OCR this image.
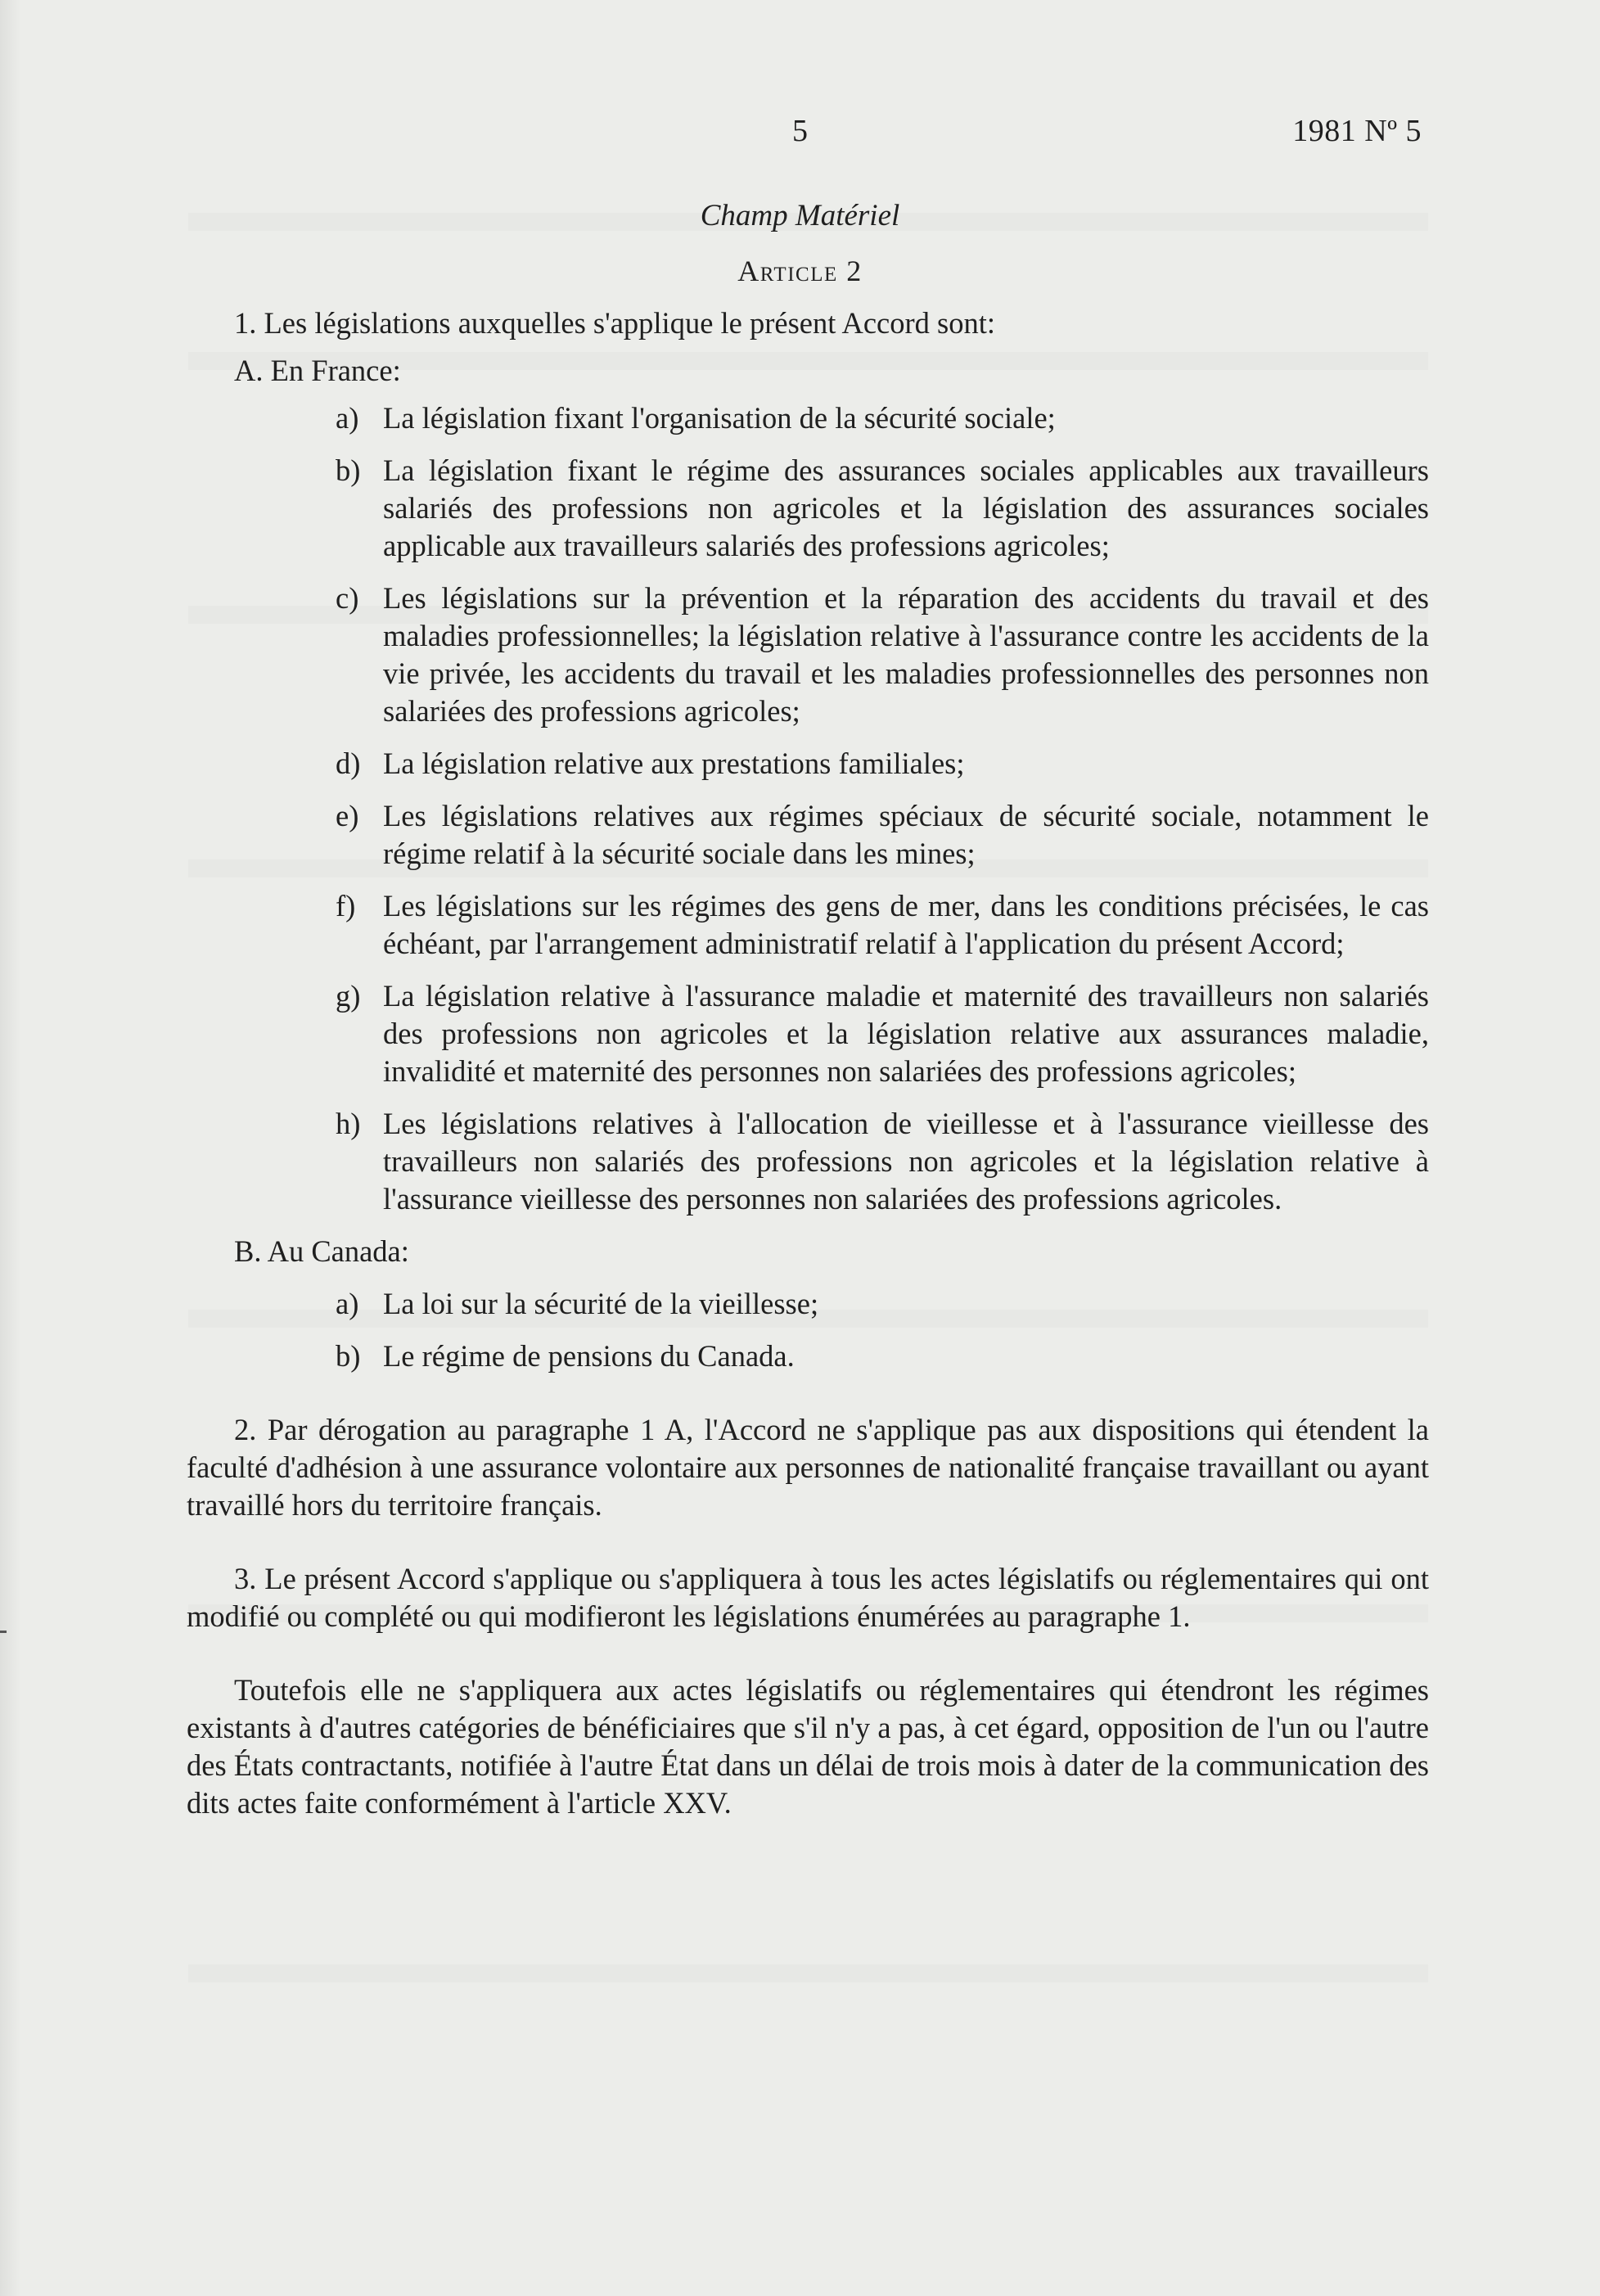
5	1981 Nº 5
Champ Matériel
Article 2

1. Les législations auxquelles s'applique le présent Accord sont:

A. En France:

a) La législation fixant l'organisation de la sécurité sociale;
b) La législation fixant le régime des assurances sociales applicables aux travailleurs salariés des professions non agricoles et la législation des assurances sociales applicable aux travailleurs salariés des professions agricoles;
c) Les législations sur la prévention et la réparation des accidents du travail et des maladies professionnelles; la législation relative à l'assurance contre les accidents de la vie privée, les accidents du travail et les maladies professionnelles des personnes non salariées des professions agricoles;
d) La législation relative aux prestations familiales;
e) Les législations relatives aux régimes spéciaux de sécurité sociale, notamment le régime relatif à la sécurité sociale dans les mines;
f) Les législations sur les régimes des gens de mer, dans les conditions précisées, le cas échéant, par l'arrangement administratif relatif à l'application du présent Accord;
g) La législation relative à l'assurance maladie et maternité des travailleurs non salariés des professions non agricoles et la législation relative aux assurances maladie, invalidité et maternité des personnes non salariées des professions agricoles;
h) Les législations relatives à l'allocation de vieillesse et à l'assurance vieillesse des travailleurs non salariés des professions non agricoles et la législation relative à l'assurance vieillesse des personnes non salariées des professions agricoles.

B. Au Canada:

a) La loi sur la sécurité de la vieillesse;
b) Le régime de pensions du Canada.

2. Par dérogation au paragraphe 1 A, l'Accord ne s'applique pas aux dispositions qui étendent la faculté d'adhésion à une assurance volontaire aux personnes de nationalité française travaillant ou ayant travaillé hors du territoire français.

3. Le présent Accord s'applique ou s'appliquera à tous les actes législatifs ou réglementaires qui ont modifié ou complété ou qui modifieront les législations énumérées au paragraphe 1.

Toutefois elle ne s'appliquera aux actes législatifs ou réglementaires qui étendront les régimes existants à d'autres catégories de bénéficiaires que s'il n'y a pas, à cet égard, opposition de l'un ou l'autre des États contractants, notifiée à l'autre État dans un délai de trois mois à dater de la communication des dits actes faite conformément à l'article XXV.
